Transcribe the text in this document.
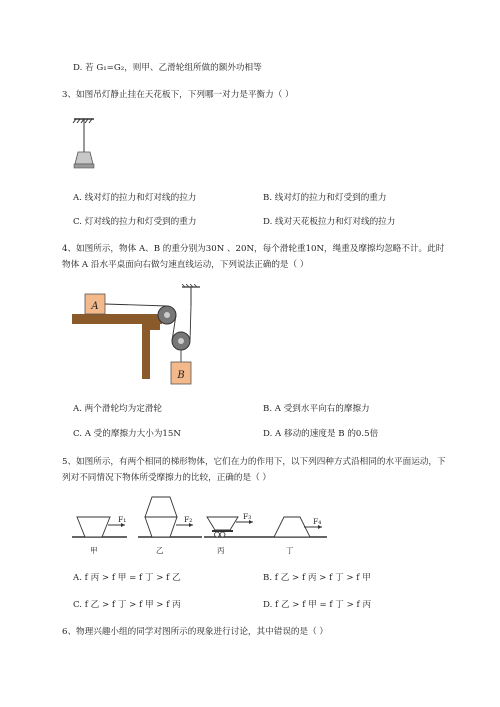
D. 若 G₁=G₂，则甲、乙滑轮组所做的额外功相等
3、如图吊灯静止挂在天花板下，下列哪一对力是平衡力（ ）
A. 线对灯的拉力和灯对线的拉力	B. 线对灯的拉力和灯受到的重力
C. 灯对线的拉力和灯受到的重力	D. 线对天花板拉力和灯对线的拉力
4、如图所示，物体 A、B 的重分别为30N 、20N，每个滑轮重10N，绳重及摩擦均忽略不计。此时
物体 A 沿水平桌面向右做匀速直线运动，下列说法正确的是（ ）
A
B
A. 两个滑轮均为定滑轮	B. A 受到水平向右的摩擦力
C. A 受的摩擦力大小为15N	D. A 移动的速度是 B 的0.5倍
5、如图所示，有两个相同的梯形物体，它们在力的作用下，以下列四种方式沿相同的水平面运动，下
列对不同情况下物体所受摩擦力的比较，正确的是（ ）
F₁
甲
F₂
乙
F₃
丙
F₄
丁
A. f 丙 > f 甲 = f 丁 > f 乙	B. f 乙 > f 丙 > f 丁 > f 甲
C. f 乙 > f 丁 > f 甲 > f 丙	D. f 乙 > f 甲 = f 丁 > f 丙
6、物理兴趣小组的同学对图所示的现象进行讨论，其中错误的是（ ）
